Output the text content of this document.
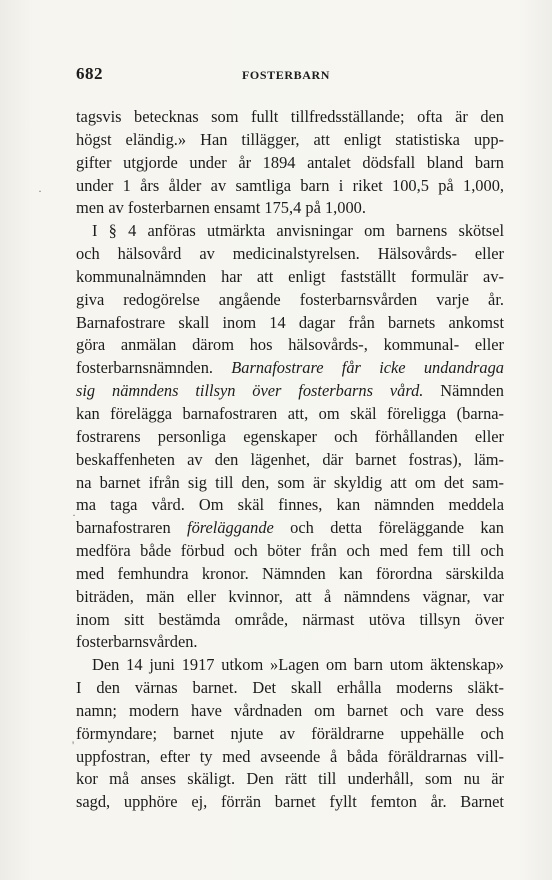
682	FOSTERBARN
tagsvis betecknas som fullt tillfredsställande; ofta är den
högst eländig.» Han tillägger, att enligt statistiska upp-
gifter utgjorde under år 1894 antalet dödsfall bland barn
under 1 års ålder av samtliga barn i riket 100,5 på 1,000,
men av fosterbarnen ensamt 175,4 på 1,000.
I § 4 anföras utmärkta anvisningar om barnens skötsel
och hälsovård av medicinalstyrelsen. Hälsovårds- eller
kommunalnämnden har att enligt fastställt formulär av-
giva redogörelse angående fosterbarnsvården varje år.
Barnafostrare skall inom 14 dagar från barnets ankomst
göra anmälan därom hos hälsovårds-, kommunal- eller
fosterbarnsnämnden. Barnafostrare får icke undandraga
sig nämndens tillsyn över fosterbarns vård. Nämnden
kan förelägga barnafostraren att, om skäl föreligga (barna-
fostrarens personliga egenskaper och förhållanden eller
beskaffenheten av den lägenhet, där barnet fostras), läm-
na barnet ifrån sig till den, som är skyldig att om det sam-
ma taga vård. Om skäl finnes, kan nämnden meddela
barnafostraren föreläggande och detta föreläggande kan
medföra både förbud och böter från och med fem till och
med femhundra kronor. Nämnden kan förordna särskilda
biträden, män eller kvinnor, att å nämndens vägnar, var
inom sitt bestämda område, närmast utöva tillsyn över
fosterbarnsvården.
Den 14 juni 1917 utkom »Lagen om barn utom äktenskap»
I den värnas barnet. Det skall erhålla moderns släkt-
namn; modern have vårdnaden om barnet och vare dess
förmyndare; barnet njute av föräldrarne uppehälle och
uppfostran, efter ty med avseende å båda föräldrarnas vill-
kor må anses skäligt. Den rätt till underhåll, som nu är
sagd, upphöre ej, förrän barnet fyllt femton år. Barnet
·
·
'
